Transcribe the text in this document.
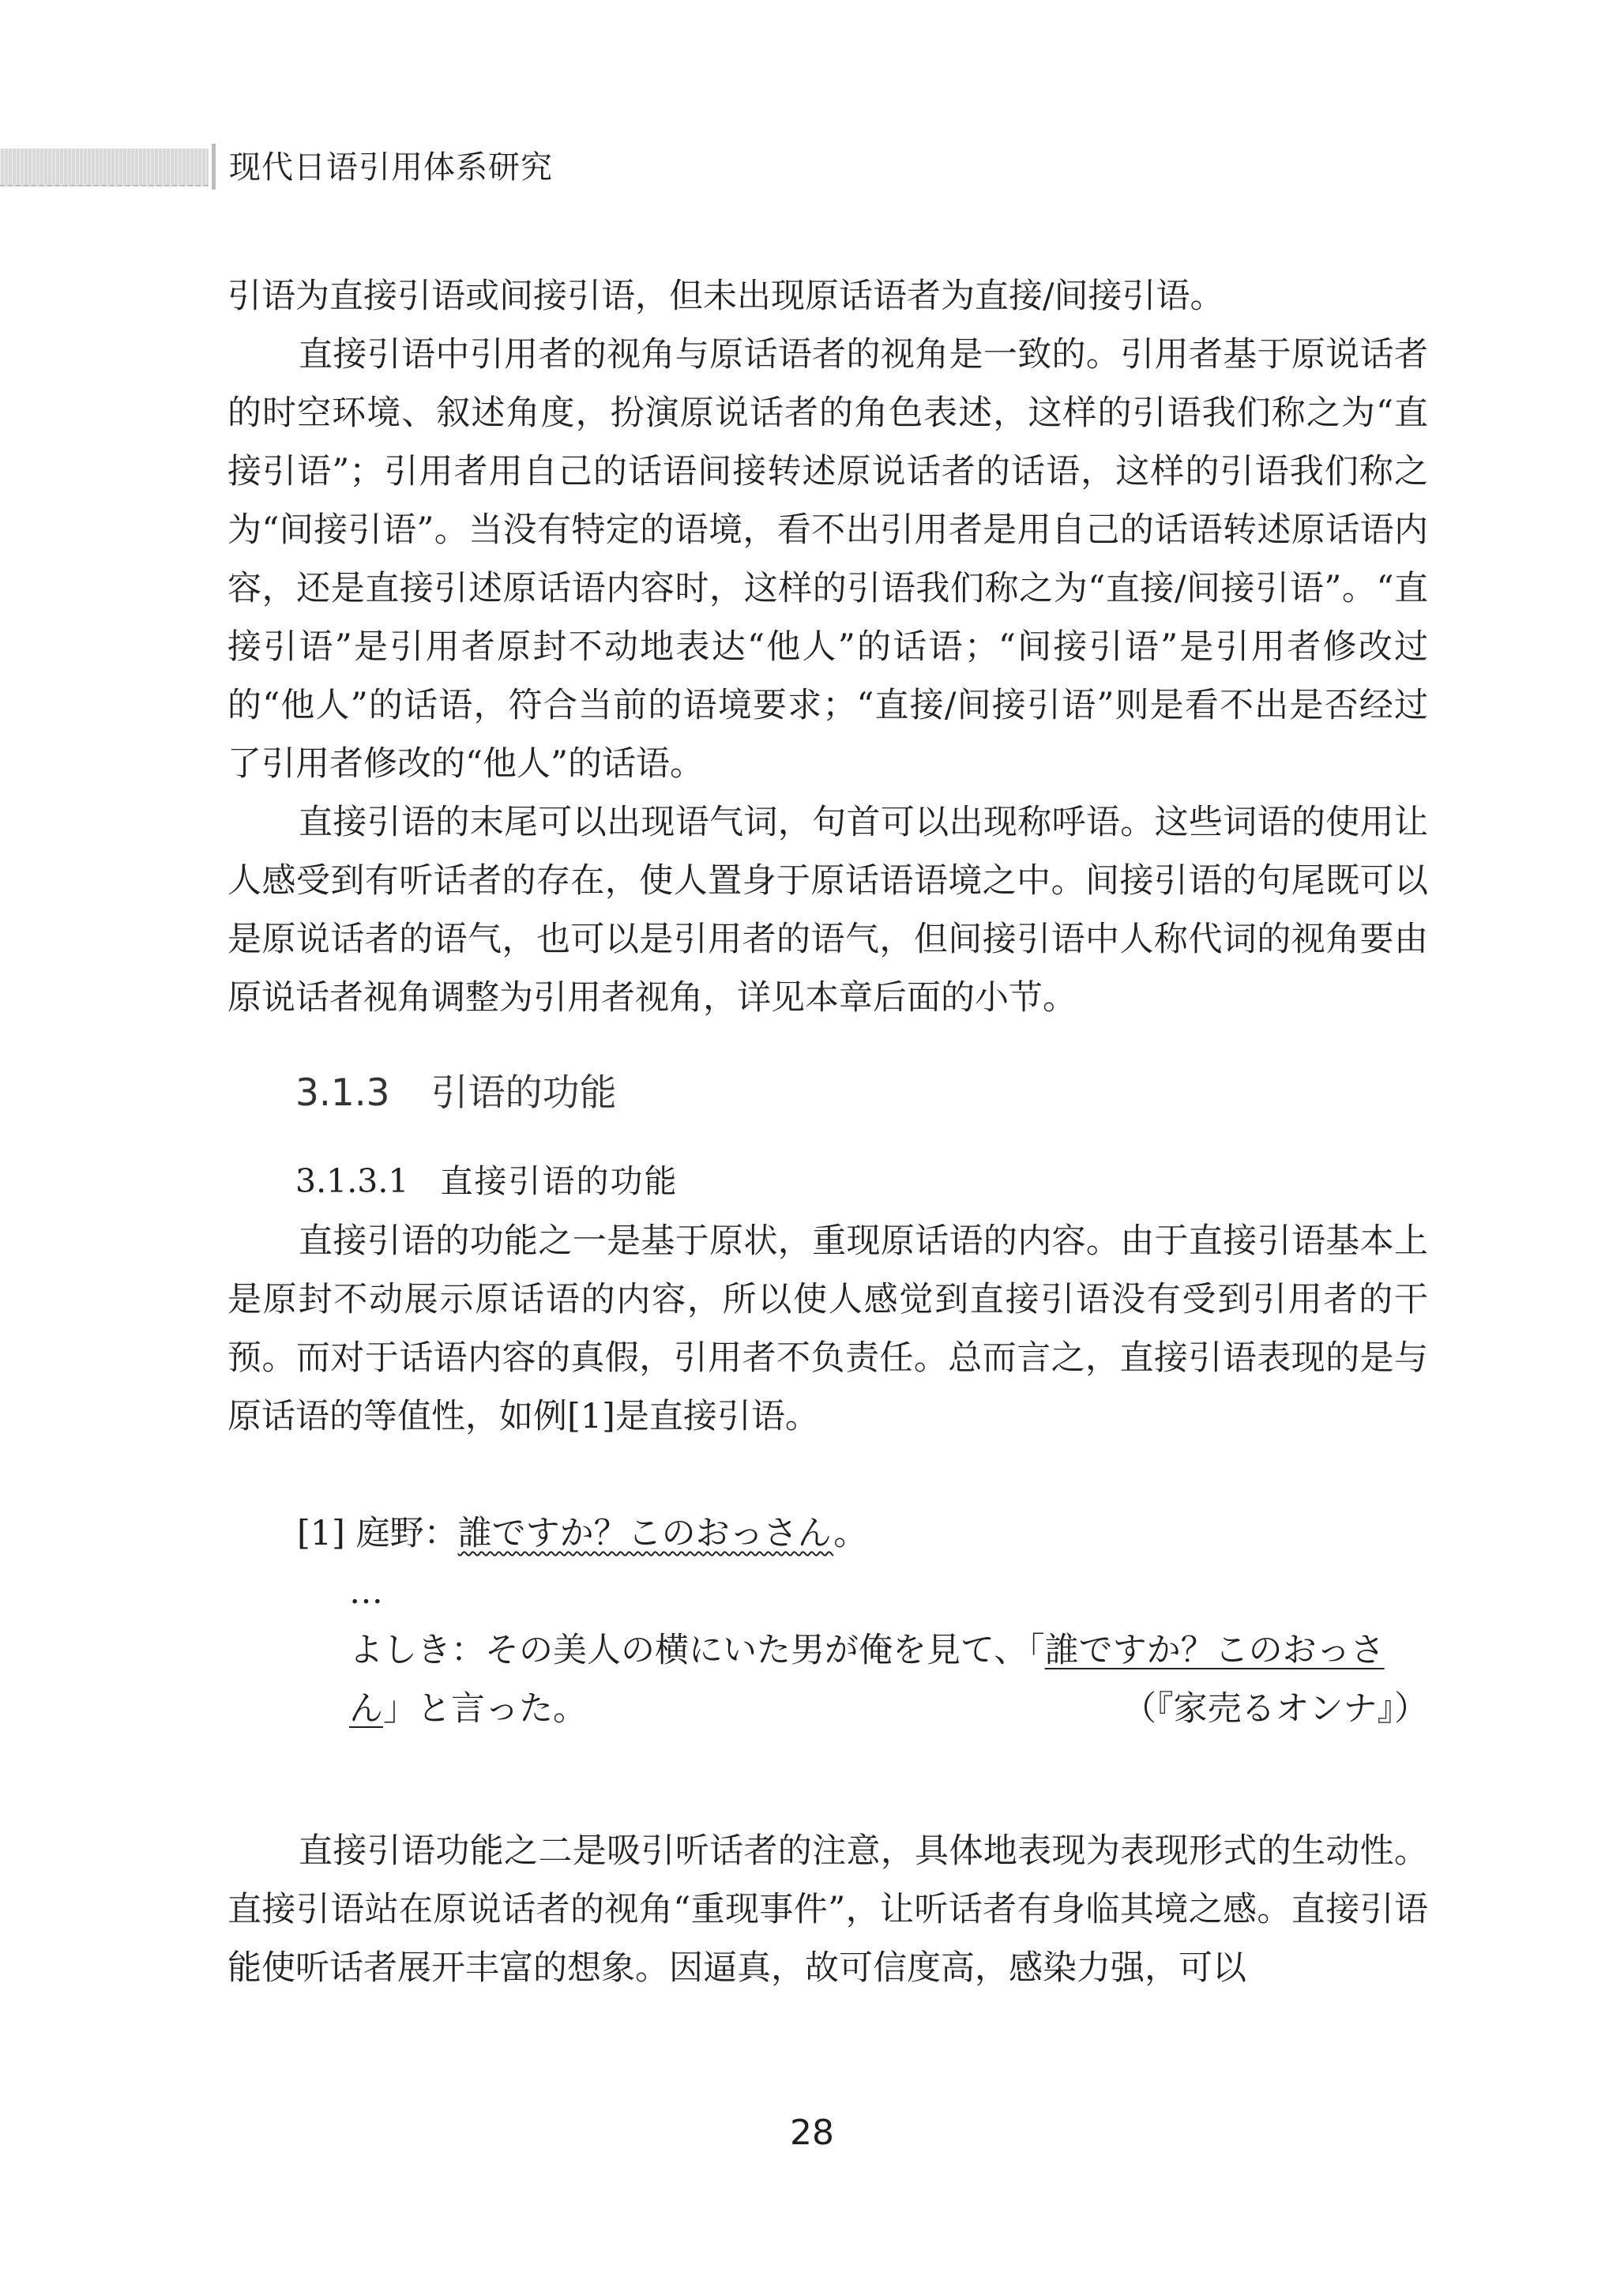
现代日语引用体系研究

引语为直接引语或间接引语，但未出现原话语者为直接/间接引语。

直接引语中引用者的视角与原话语者的视角是一致的。引用者基于原说话者的时空环境、叙述角度，扮演原说话者的角色表述，这样的引语我们称之为“直接引语”；引用者用自己的话语间接转述原说话者的话语，这样的引语我们称之为“间接引语”。当没有特定的语境，看不出引用者是用自己的话语转述原话语内容，还是直接引述原话语内容时，这样的引语我们称之为“直接/间接引语”。“直接引语”是引用者原封不动地表达“他人”的话语；“间接引语”是引用者修改过的“他人”的话语，符合当前的语境要求；“直接/间接引语”则是看不出是否经过了引用者修改的“他人”的话语。

直接引语的末尾可以出现语气词，句首可以出现称呼语。这些词语的使用让人感受到有听话者的存在，使人置身于原话语语境之中。间接引语的句尾既可以是原说话者的语气，也可以是引用者的语气，但间接引语中人称代词的视角要由原说话者视角调整为引用者视角，详见本章后面的小节。

3.1.3 引语的功能
3.1.3.1 直接引语的功能

直接引语的功能之一是基于原状，重现原话语的内容。由于直接引语基本上是原封不动展示原话语的内容，所以使人感觉到直接引语没有受到引用者的干预。而对于话语内容的真假，引用者不负责任。总而言之，直接引语表现的是与原话语的等值性，如例[1]是直接引语。

[1] 庭野：誰ですか？このおっさん。
…
よしき：その美人の横にいた男が俺を見て、「誰ですか？このおっさ
ん」と言った。	（『家売るオンナ』）

直接引语功能之二是吸引听话者的注意，具体地表现为表现形式的生动性。直接引语站在原说话者的视角“重现事件”，让听话者有身临其境之感。直接引语能使听话者展开丰富的想象。因逼真，故可信度高，感染力强，可以

28
